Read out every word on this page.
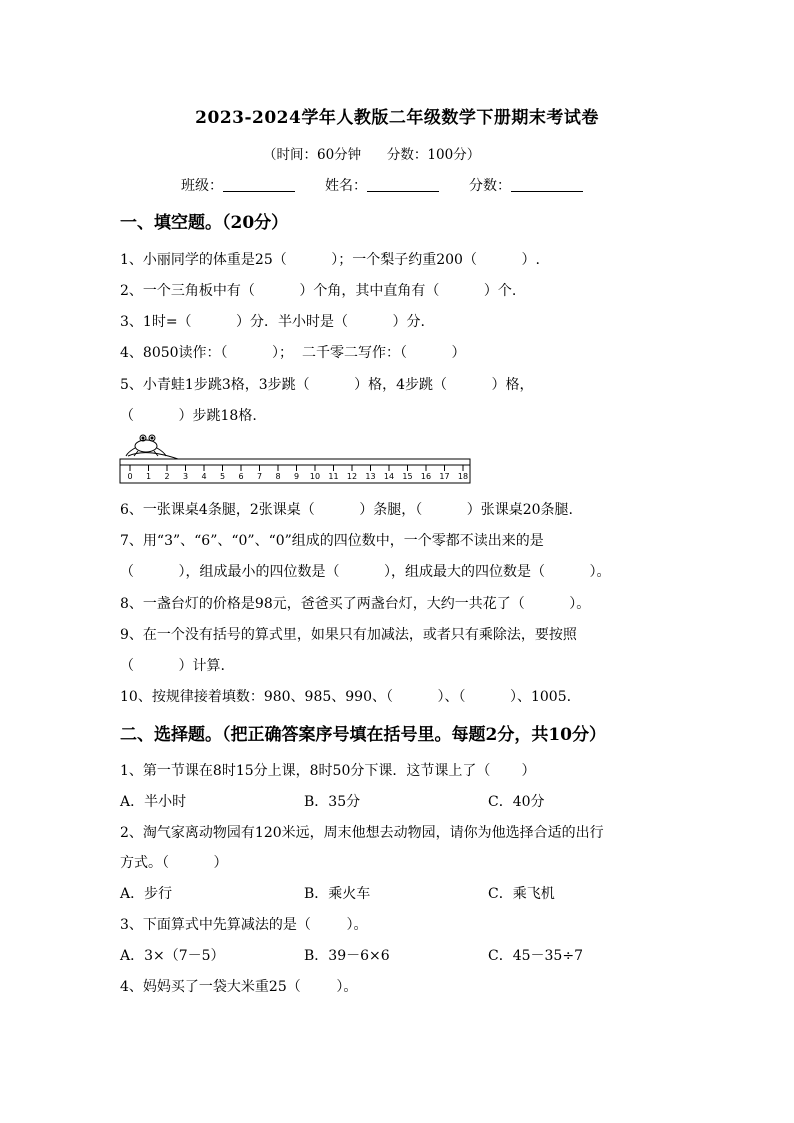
2023-2024学年人教版二年级数学下册期末考试卷
（时间：60分钟      分数：100分）
班级：	姓名：	分数：
一、填空题。（20分）
1、小丽同学的体重是25（          ）；一个梨子约重200（          ）.
2、一个三角板中有（          ）个角，其中直角有（          ）个.
3、1时=（          ）分．半小时是（          ）分.
4、8050读作：（          ）；  二千零二写作：（          ）
5、小青蛙1步跳3格，3步跳（          ）格，4步跳（          ）格，
（          ）步跳18格.
0 1 2 3 4 5 6 7 8 9 10 11 12 13 14 15 16 17 18
6、一张课桌4条腿，2张课桌（          ）条腿，（          ）张课桌20条腿.
7、用“3”、“6”、“0”、“0”组成的四位数中，一个零都不读出来的是
（          ），组成最小的四位数是（          ），组成最大的四位数是（          ）。
8、一盏台灯的价格是98元，爸爸买了两盏台灯，大约一共花了（          ）。
9、在一个没有括号的算式里，如果只有加减法，或者只有乘除法，要按照
（          ）计算.
10、按规律接着填数：980、985、990、（          ）、（          ）、1005.
二、选择题。（把正确答案序号填在括号里。每题2分，共10分）
1、第一节课在8时15分上课，8时50分下课．这节课上了（       ）
A．半小时	B．35分	C．40分
2、淘气家离动物园有120米远，周末他想去动物园，请你为他选择合适的出行
方式。（          ）
A．步行	B．乘火车	C．乘飞机
3、下面算式中先算减法的是（        ）。
A．3×（7－5）	B．39－6×6	C．45－35÷7
4、妈妈买了一袋大米重25（        ）。
